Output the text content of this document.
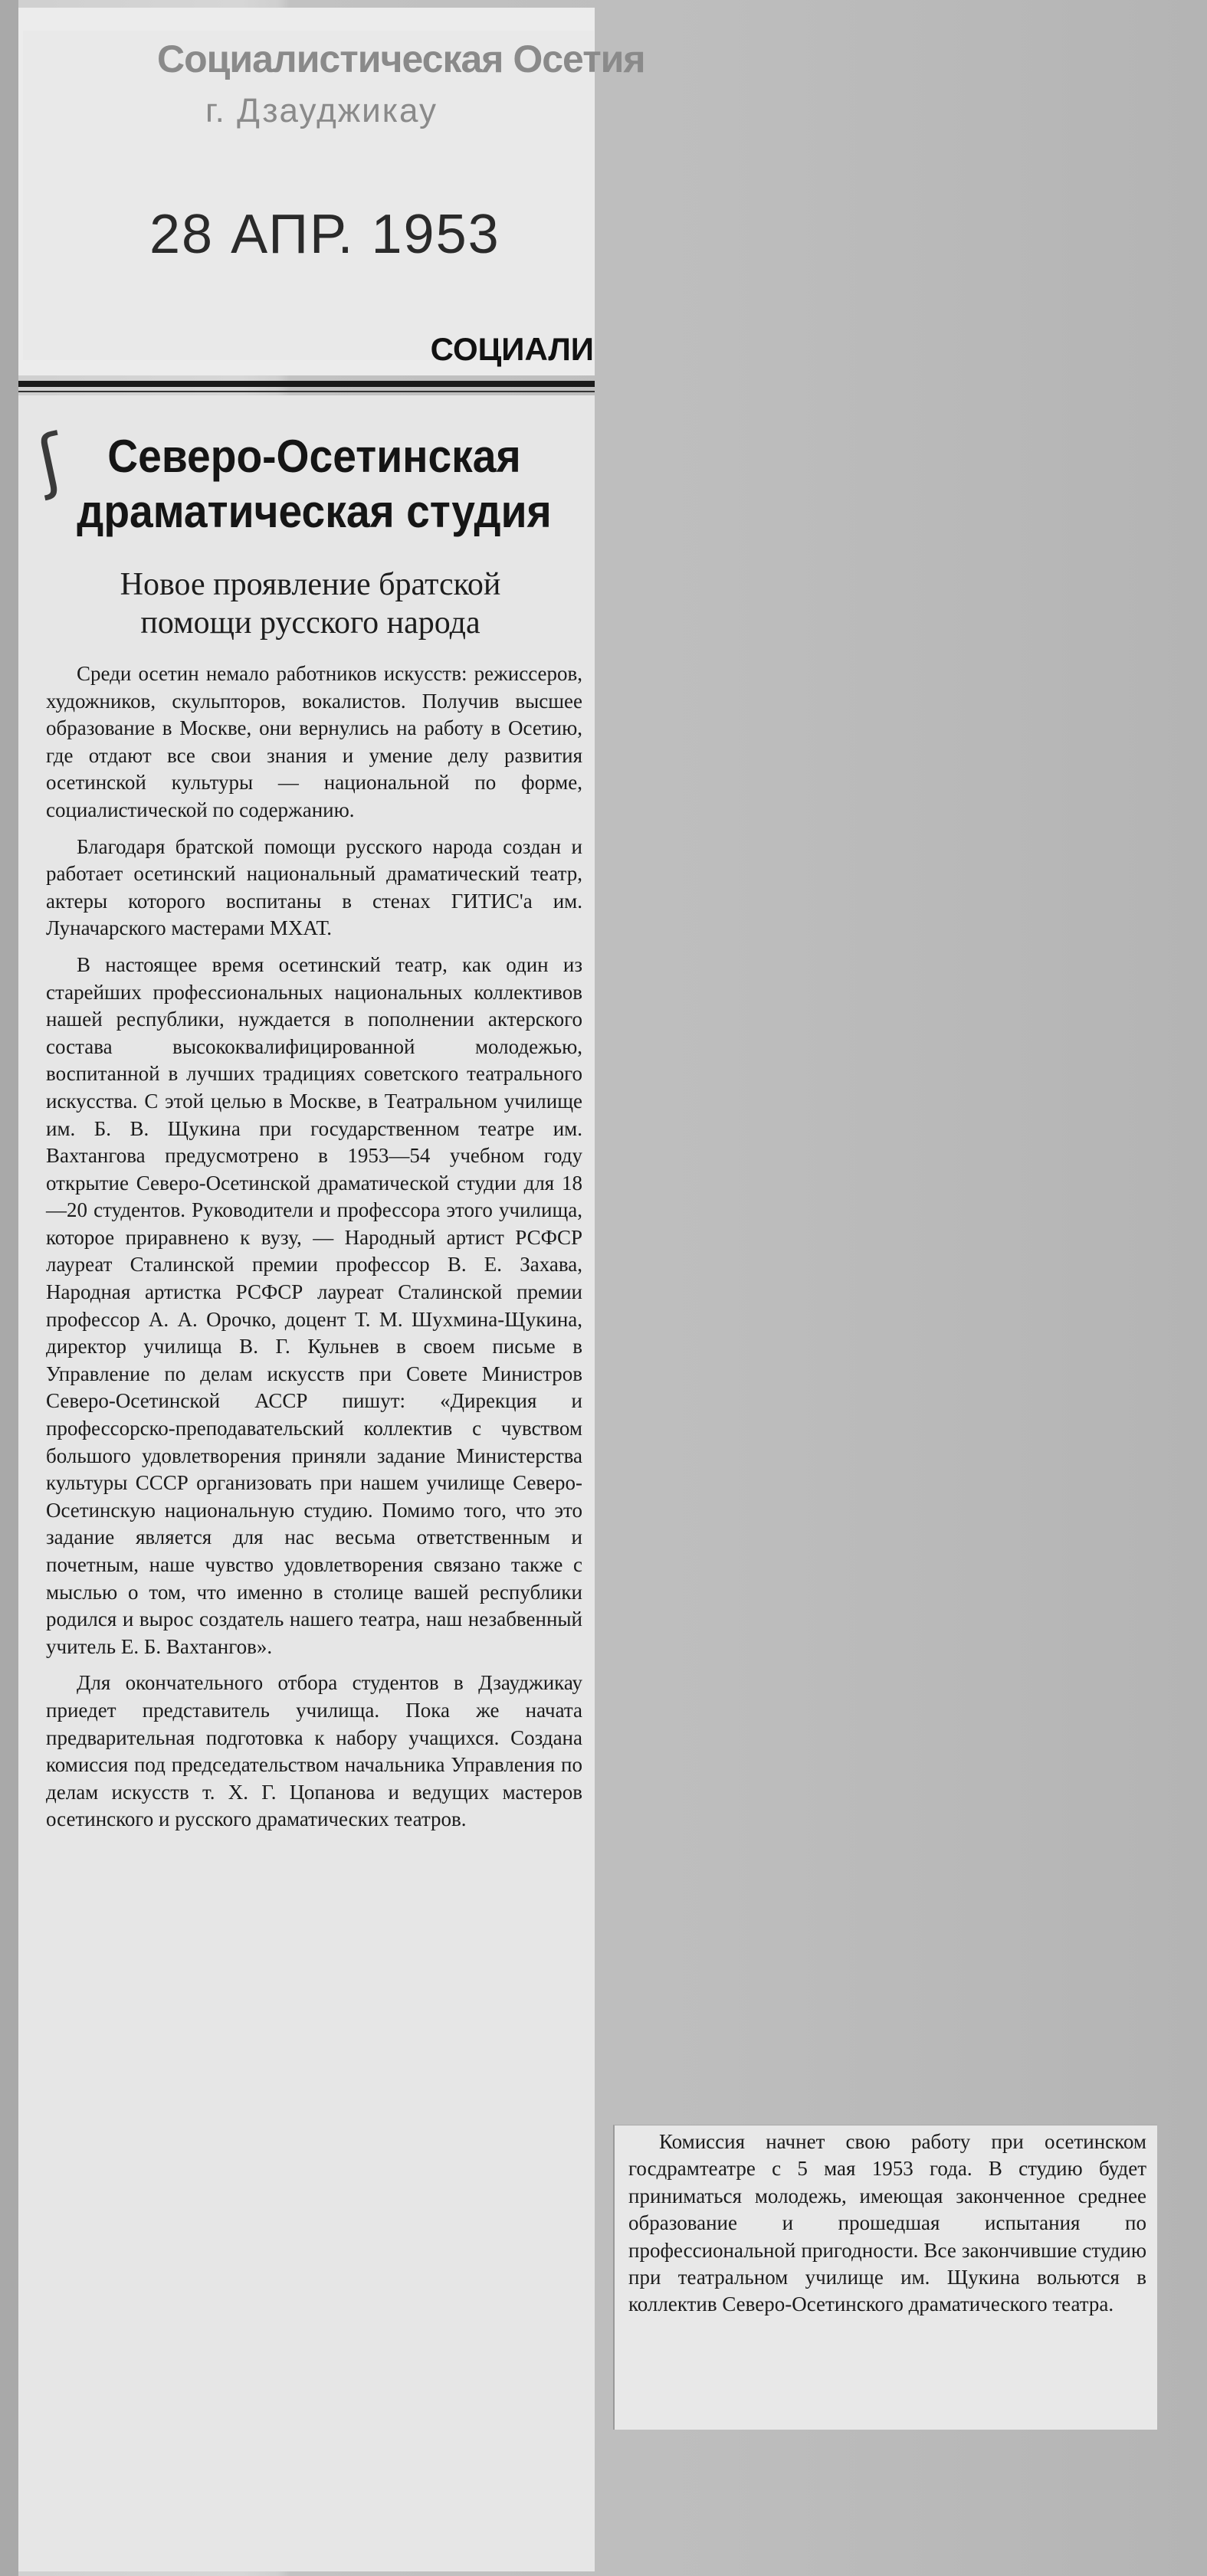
Социалистическая Осетия
г. Дзауджикау
28 АПР. 1953
СОЦИАЛИ
ʃ Северо-Осетинская
драматическая студия
Новое проявление братской
помощи русского народа

Среди осетин немало работников искусств: режиссеров, художников, скульпторов, вокалистов. Получив высшее образование в Москве, они вернулись на работу в Осетию, где отдают все свои знания и умение делу развития осетинской культуры — национальной по форме, социалистической по содержанию.

Благодаря братской помощи русского народа создан и работает осетинский национальный драматический театр, актеры которого воспитаны в стенах ГИТИС'а им. Луначарского мастерами МХАТ.

В настоящее время осетинский театр, как один из старейших профессиональных национальных коллективов нашей республики, нуждается в пополнении актерского состава высококвалифицированной молодежью, воспитанной в лучших традициях советского театрального искусства. С этой целью в Москве, в Театральном училище им. Б. В. Щукина при государственном театре им. Вахтангова предусмотрено в 1953—54 учебном году открытие Северо-Осетинской драматической студии для 18—20 студентов. Руководители и профессора этого училища, которое приравнено к вузу, — Народный артист РСФСР лауреат Сталинской премии профессор В. Е. Захава, Народная артистка РСФСР лауреат Сталинской премии профессор А. А. Орочко, доцент Т. М. Шухмина-Щукина, директор училища В. Г. Кульнев в своем письме в Управление по делам искусств при Совете Министров Северо-Осетинской АССР пишут: «Дирекция и профессорско-преподавательский коллектив с чувством большого удовлетворения приняли задание Министерства культуры СССР организовать при нашем училище Северо-Осетинскую национальную студию. Помимо того, что это задание является для нас весьма ответственным и почетным, наше чувство удовлетворения связано также с мыслью о том, что именно в столице вашей республики родился и вырос создатель нашего театра, наш незабвенный учитель Е. Б. Вахтангов».

Для окончательного отбора студентов в Дзауджикау приедет представитель училища. Пока же начата предварительная подготовка к набору учащихся. Создана комиссия под председательством начальника Управления по делам искусств т. Х. Г. Цопанова и ведущих мастеров осетинского и русского драматических театров.

Комиссия начнет свою работу при осетинском госдрамтеатре с 5 мая 1953 года. В студию будет приниматься молодежь, имеющая законченное среднее образование и прошедшая испытания по профессиональной пригодности. Все закончившие студию при театральном училище им. Щукина вольются в коллектив Северо-Осетинского драматического театра.
